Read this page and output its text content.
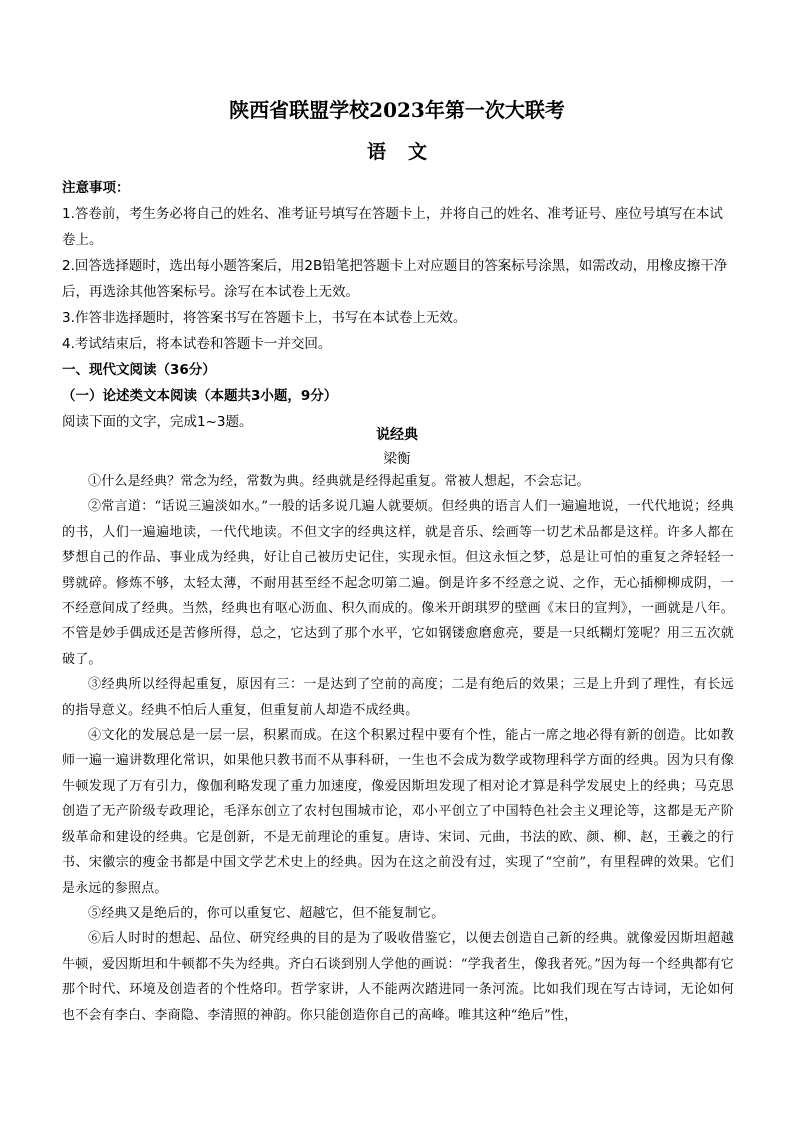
陕西省联盟学校2023年第一次大联考
语文

注意事项：

1.答卷前，考生务必将自己的姓名、准考证号填写在答题卡上，并将自己的姓名、准考证号、座位号填写在本试卷上。

2.回答选择题时，选出每小题答案后，用2B铅笔把答题卡上对应题目的答案标号涂黑，如需改动，用橡皮擦干净后，再选涂其他答案标号。涂写在本试卷上无效。

3.作答非选择题时，将答案书写在答题卡上，书写在本试卷上无效。

4.考试结束后，将本试卷和答题卡一并交回。

一、现代文阅读（36分）

（一）论述类文本阅读（本题共3小题，9分）

阅读下面的文字，完成1~3题。

说经典
梁衡

①什么是经典？常念为经，常数为典。经典就是经得起重复。常被人想起，不会忘记。

②常言道：“话说三遍淡如水。”一般的话多说几遍人就要烦。但经典的语言人们一遍遍地说，一代代地说；经典的书，人们一遍遍地读，一代代地读。不但文字的经典这样，就是音乐、绘画等一切艺术品都是这样。许多人都在梦想自己的作品、事业成为经典，好让自己被历史记住，实现永恒。但这永恒之梦，总是让可怕的重复之斧轻轻一劈就碎。修炼不够，太轻太薄，不耐用甚至经不起念叨第二遍。倒是许多不经意之说、之作，无心插柳柳成阴，一不经意间成了经典。当然，经典也有呕心沥血、积久而成的。像米开朗琪罗的壁画《末日的宣判》，一画就是八年。不管是妙手偶成还是苦修所得，总之，它达到了那个水平，它如钢镂愈磨愈亮，要是一只纸糊灯笼呢？用三五次就破了。

③经典所以经得起重复，原因有三：一是达到了空前的高度；二是有绝后的效果；三是上升到了理性，有长远的指导意义。经典不怕后人重复，但重复前人却造不成经典。

④文化的发展总是一层一层，积累而成。在这个积累过程中要有个性，能占一席之地必得有新的创造。比如教师一遍一遍讲数理化常识，如果他只教书而不从事科研，一生也不会成为数学或物理科学方面的经典。因为只有像牛顿发现了万有引力，像伽利略发现了重力加速度，像爱因斯坦发现了相对论才算是科学发展史上的经典；马克思创造了无产阶级专政理论，毛泽东创立了农村包围城市论，邓小平创立了中国特色社会主义理论等，这都是无产阶级革命和建设的经典。它是创新，不是无前理论的重复。唐诗、宋词、元曲，书法的欧、颜、柳、赵，王羲之的行书、宋徽宗的瘦金书都是中国文学艺术史上的经典。因为在这之前没有过，实现了“空前”，有里程碑的效果。它们是永远的参照点。

⑤经典又是绝后的，你可以重复它、超越它，但不能复制它。

⑥后人时时的想起、品位、研究经典的目的是为了吸收借鉴它，以便去创造自己新的经典。就像爱因斯坦超越牛顿，爱因斯坦和牛顿都不失为经典。齐白石谈到别人学他的画说：“学我者生，像我者死。”因为每一个经典都有它那个时代、环境及创造者的个性烙印。哲学家讲，人不能两次踏进同一条河流。比如我们现在写古诗词，无论如何也不会有李白、李商隐、李清照的神韵。你只能创造你自己的高峰。唯其这种“绝后”性，
